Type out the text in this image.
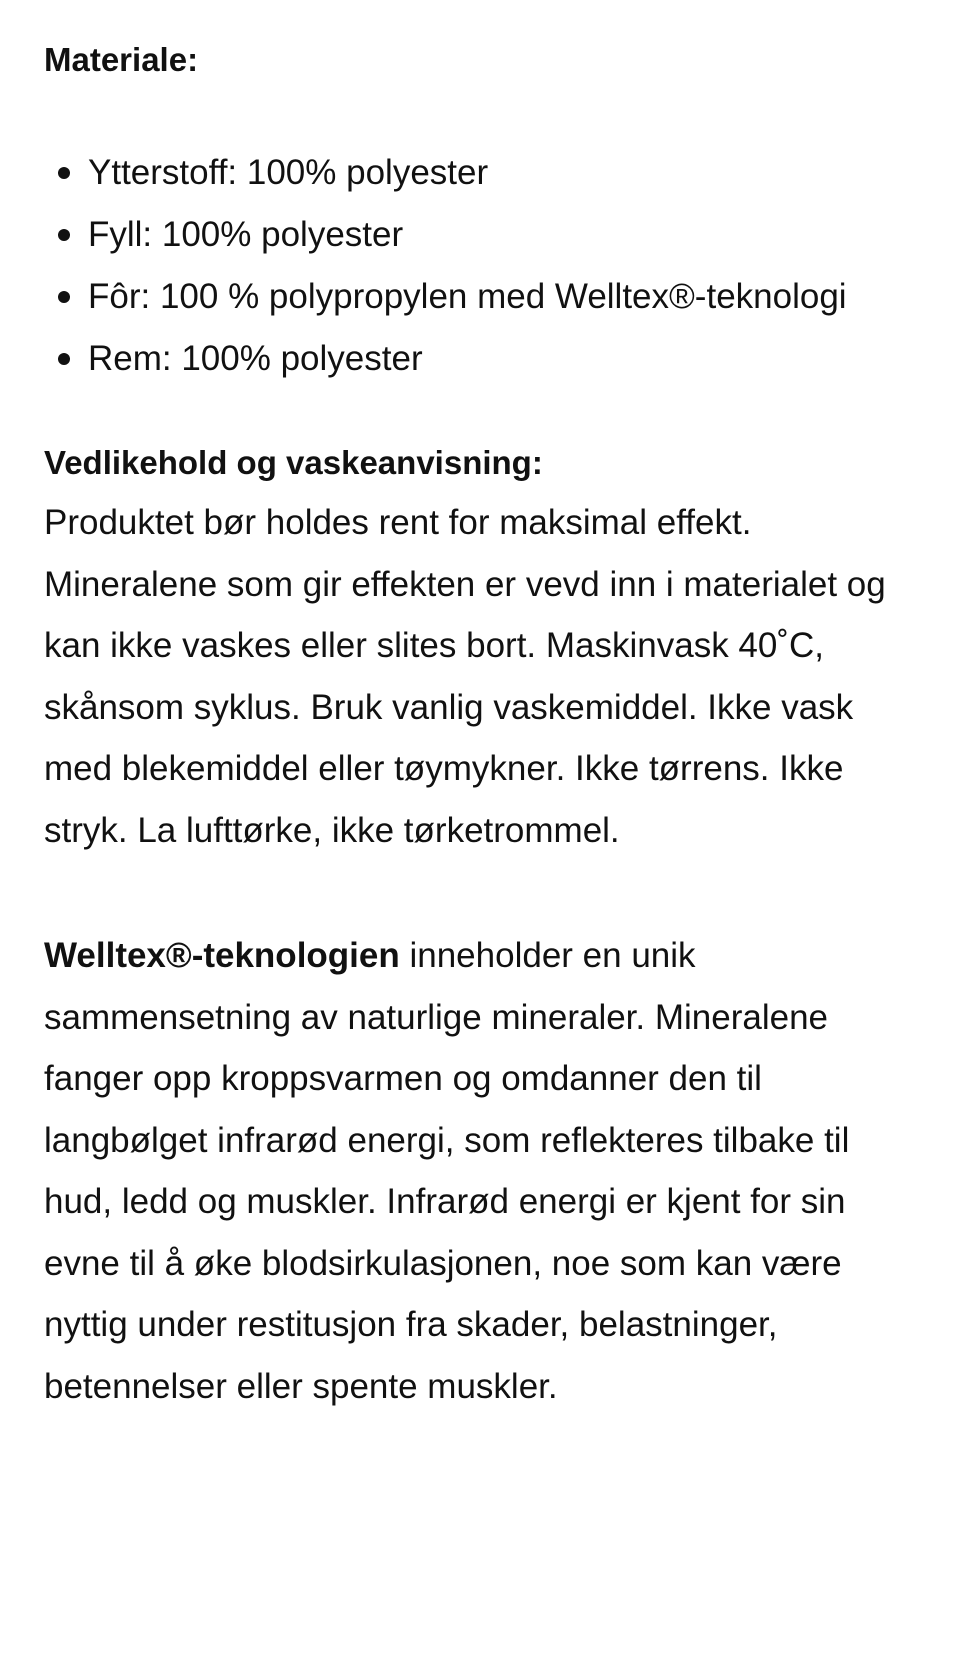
Materiale:
Ytterstoff: 100% polyester
Fyll: 100% polyester
Fôr: 100 % polypropylen med Welltex®-teknologi
Rem: 100% polyester
Vedlikehold og vaskeanvisning:

Produktet bør holdes rent for maksimal effekt. Mineralene som gir effekten er vevd inn i materialet og kan ikke vaskes eller slites bort. Maskinvask 40˚C, skånsom syklus. Bruk vanlig vaskemiddel. Ikke vask med blekemiddel eller tøymykner. Ikke tørrens. Ikke stryk. La lufttørke, ikke tørketrommel.

Welltex®-teknologien inneholder en unik sammensetning av naturlige mineraler. Mineralene fanger opp kroppsvarmen og omdanner den til langbølget infrarød energi, som reflekteres tilbake til hud, ledd og muskler. Infrarød energi er kjent for sin evne til å øke blodsirkulasjonen, noe som kan være nyttig under restitusjon fra skader, belastninger, betennelser eller spente muskler.
